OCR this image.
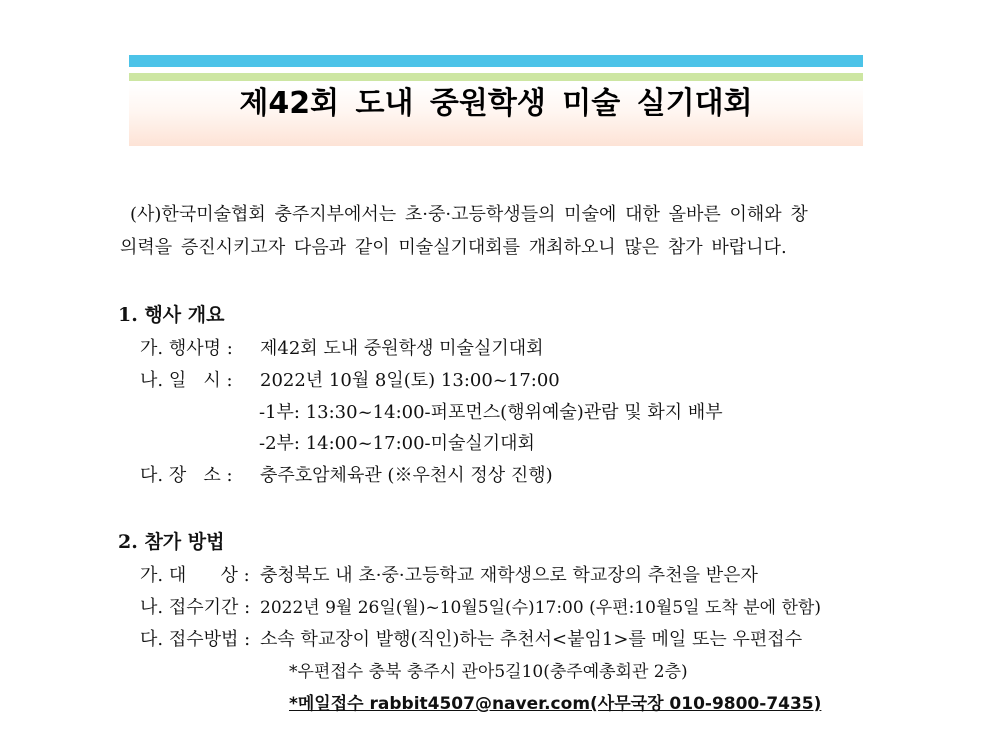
제42회 도내 중원학생 미술 실기대회
(사)한국미술협회 충주지부에서는 초·중·고등학생들의 미술에 대한 올바른 이해와 창
의력을 증진시키고자 다음과 같이 미술실기대회를 개최하오니 많은 참가 바랍니다.
1. 행사 개요
가. 행사명 : 제42회 도내 중원학생 미술실기대회
나. 일   시 : 2022년 10월 8일(토) 13:00~17:00
-1부: 13:30~14:00-퍼포먼스(행위예술)관람 및 화지 배부
-2부: 14:00~17:00-미술실기대회
다. 장   소 : 충주호암체육관 (※우천시 정상 진행)
2. 참가 방법
가. 대      상 : 충청북도 내 초·중·고등학교 재학생으로 학교장의 추천을 받은자
나. 접수기간 : 2022년 9월 26일(월)~10월5일(수)17:00 (우편:10월5일 도착 분에 한함)
다. 접수방법 : 소속 학교장이 발행(직인)하는 추천서<붙임1>를 메일 또는 우편접수
*우편접수 충북 충주시 관아5길10(충주예총회관 2층)
*메일접수 rabbit4507@naver.com(사무국장 010-9800-7435)
